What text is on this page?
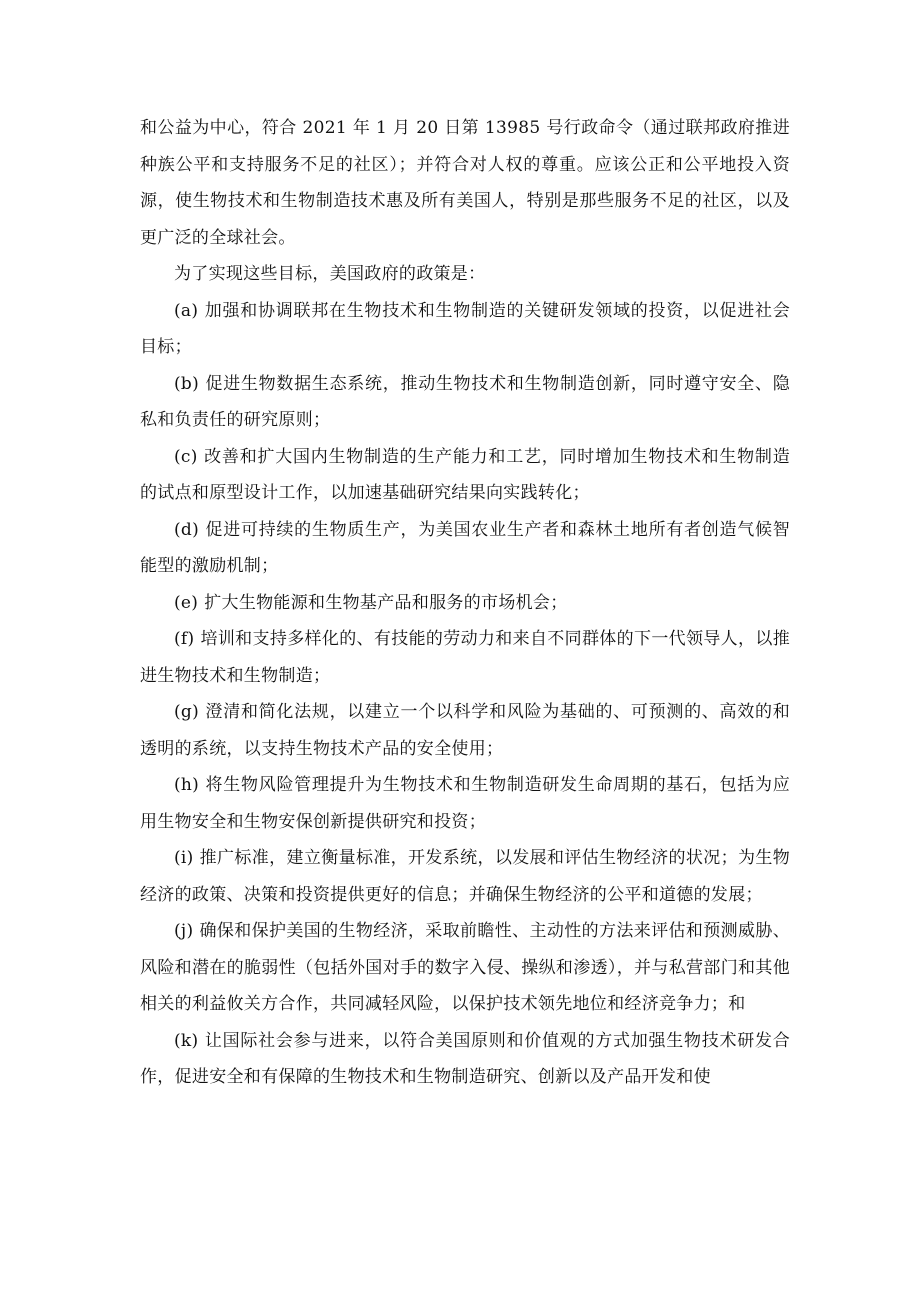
和公益为中心，符合 2021 年 1 月 20 日第 13985 号行政命令（通过联邦政府推进种族公平和支持服务不足的社区）；并符合对人权的尊重。应该公正和公平地投入资源，使生物技术和生物制造技术惠及所有美国人，特别是那些服务不足的社区，以及更广泛的全球社会。

为了实现这些目标，美国政府的政策是：

(a) 加强和协调联邦在生物技术和生物制造的关键研发领域的投资，以促进社会目标；

(b) 促进生物数据生态系统，推动生物技术和生物制造创新，同时遵守安全、隐私和负责任的研究原则；

(c) 改善和扩大国内生物制造的生产能力和工艺，同时增加生物技术和生物制造的试点和原型设计工作，以加速基础研究结果向实践转化；

(d) 促进可持续的生物质生产，为美国农业生产者和森林土地所有者创造气候智能型的激励机制；

(e) 扩大生物能源和生物基产品和服务的市场机会；

(f) 培训和支持多样化的、有技能的劳动力和来自不同群体的下一代领导人，以推进生物技术和生物制造；

(g) 澄清和简化法规，以建立一个以科学和风险为基础的、可预测的、高效的和透明的系统，以支持生物技术产品的安全使用；

(h) 将生物风险管理提升为生物技术和生物制造研发生命周期的基石，包括为应用生物安全和生物安保创新提供研究和投资；

(i) 推广标准，建立衡量标准，开发系统，以发展和评估生物经济的状况；为生物经济的政策、决策和投资提供更好的信息；并确保生物经济的公平和道德的发展；

(j) 确保和保护美国的生物经济，采取前瞻性、主动性的方法来评估和预测威胁、风险和潜在的脆弱性（包括外国对手的数字入侵、操纵和渗透），并与私营部门和其他相关的利益攸关方合作，共同减轻风险，以保护技术领先地位和经济竞争力；和

(k) 让国际社会参与进来，以符合美国原则和价值观的方式加强生物技术研发合作，促进安全和有保障的生物技术和生物制造研究、创新以及产品开发和使
